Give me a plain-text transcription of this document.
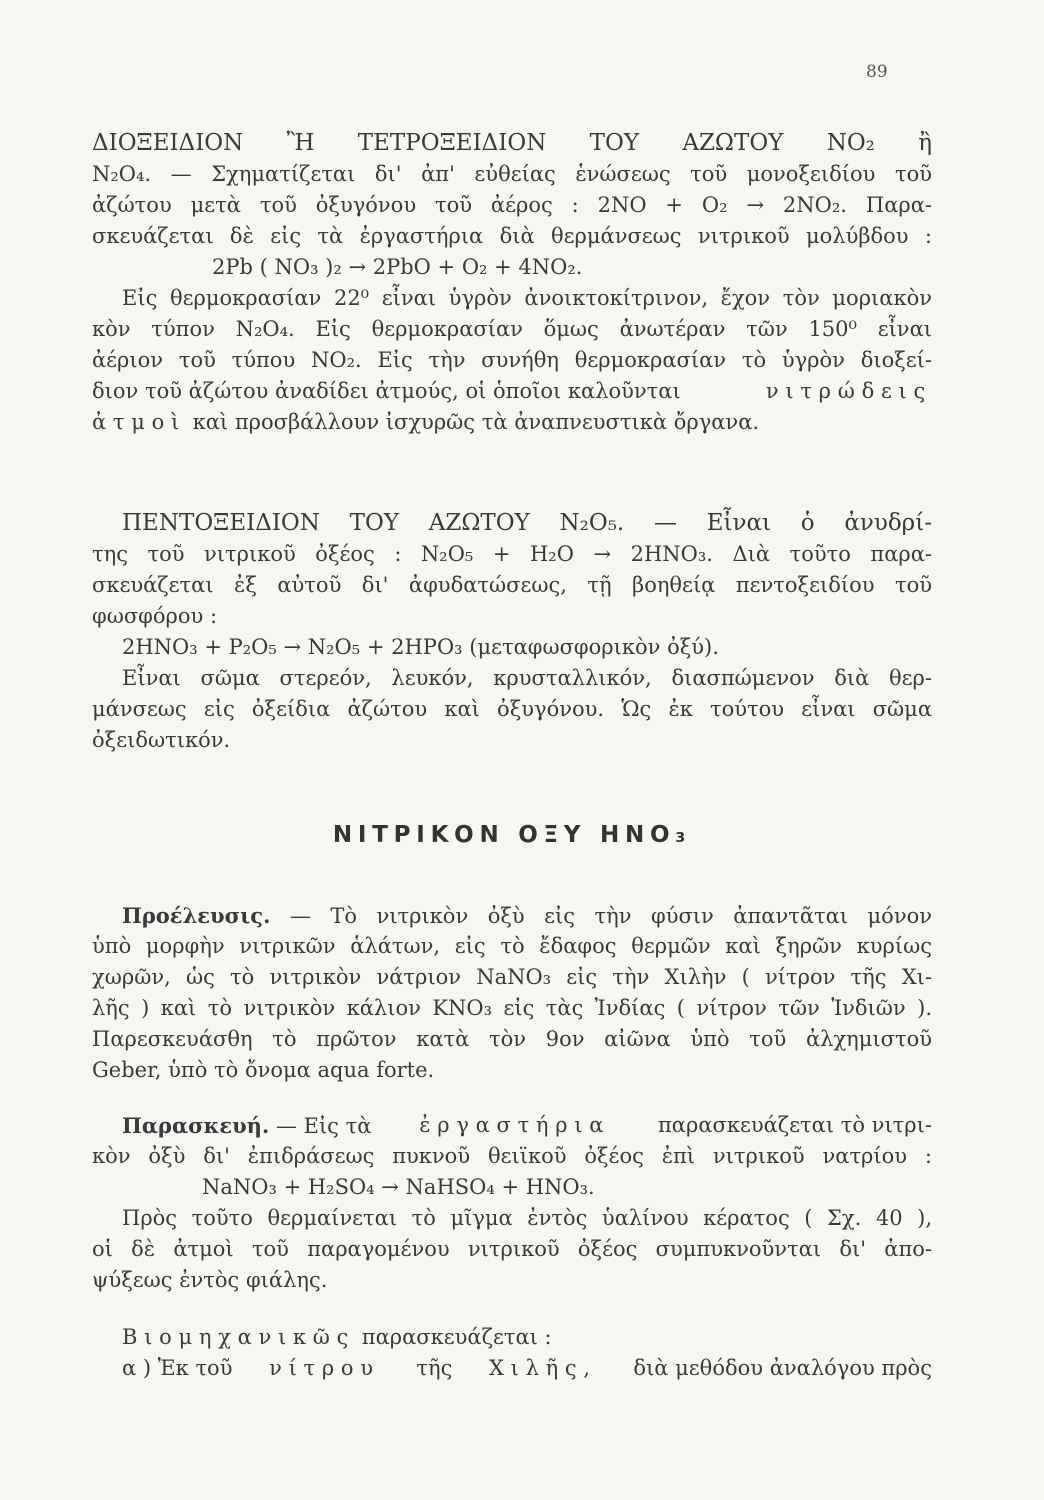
89
ΔΙΟΞΕΙΔΙΟΝ Ἢ ΤΕΤΡΟΞΕΙΔΙΟΝ ΤΟΥ ΑΖΩΤΟΥ NO₂ ἢ
N₂O₄. — Σχηματίζεται δι' ἀπ' εὐθείας ἑνώσεως τοῦ μονοξειδίου τοῦ
ἀζώτου μετὰ τοῦ ὀξυγόνου τοῦ ἀέρος : 2NO + O₂ → 2NO₂. Παρα-
σκευάζεται δὲ εἰς τὰ ἐργαστήρια διὰ θερμάνσεως νιτρικοῦ μολύβδου :
2Pb ( NO₃ )₂ → 2PbO + O₂ + 4NO₂.
Εἰς θερμοκρασίαν 22⁰ εἶναι ὑγρὸν ἀνοικτοκίτρινον, ἔχον τὸν μοριακὸν
κὸν τύπον N₂O₄. Εἰς θερμοκρασίαν ὅμως ἀνωτέραν τῶν 150⁰ εἶναι
ἀέριον τοῦ τύπου NO₂. Εἰς τὴν συνήθη θερμοκρασίαν τὸ ὑγρὸν διοξεί-
διον τοῦ ἀζώτου ἀναδίδει ἀτμούς, οἱ ὁποῖοι καλοῦνται	νιτρώδεις
ἀτμοὶ καὶ προσβάλλουν ἰσχυρῶς τὰ ἀναπνευστικὰ ὄργανα.
ΠΕΝΤΟΞΕΙΔΙΟΝ ΤΟΥ ΑΖΩΤΟΥ N₂O₅. — Εἶναι ὁ ἀνυδρί-
της τοῦ νιτρικοῦ ὀξέος : N₂O₅ + H₂O → 2HNO₃. Διὰ τοῦτο παρα-
σκευάζεται ἐξ αὐτοῦ δι' ἀφυδατώσεως, τῇ βοηθείᾳ πεντοξειδίου τοῦ
φωσφόρου :
2HNO₃ + P₂O₅ → N₂O₅ + 2HPO₃ (μεταφωσφορικὸν ὀξύ).
Εἶναι σῶμα στερεόν, λευκόν, κρυσταλλικόν, διασπώμενον διὰ θερ-
μάνσεως εἰς ὀξείδια ἀζώτου καὶ ὀξυγόνου. Ὡς ἐκ τούτου εἶναι σῶμα
ὀξειδωτικόν.
ΝΙΤΡΙΚΟΝ ΟΞΥ HNO₃
Προέλευσις. — Τὸ νιτρικὸν ὀξὺ εἰς τὴν φύσιν ἀπαντᾶται μόνον
ὑπὸ μορφὴν νιτρικῶν ἁλάτων, εἰς τὸ ἔδαφος θερμῶν καὶ ξηρῶν κυρίως
χωρῶν, ὡς τὸ νιτρικὸν νάτριον NaNO₃ εἰς τὴν Χιλὴν ( νίτρον τῆς Χι-
λῆς ) καὶ τὸ νιτρικὸν κάλιον KNO₃ εἰς τὰς Ἰνδίας ( νίτρον τῶν Ἰνδιῶν ).
Παρεσκευάσθη τὸ πρῶτον κατὰ τὸν 9ον αἰῶνα ὑπὸ τοῦ ἀλχημιστοῦ
Geber, ὑπὸ τὸ ὄνομα aqua forte.
Παρασκευή. — Εἰς τὰ ἐργαστήρια παρασκευάζεται τὸ νιτρι-
κὸν ὀξὺ δι' ἐπιδράσεως πυκνοῦ θειϊκοῦ ὀξέος ἐπὶ νιτρικοῦ νατρίου :
NaNO₃ + H₂SO₄ → NaHSO₄ + HNO₃.
Πρὸς τοῦτο θερμαίνεται τὸ μῖγμα ἐντὸς ὑαλίνου κέρατος ( Σχ. 40 ),
οἱ δὲ ἀτμοὶ τοῦ παραγομένου νιτρικοῦ ὀξέος συμπυκνοῦνται δι' ἀπο-
ψύξεως ἐντὸς φιάλης.
Βιομηχανικῶς παρασκευάζεται :
α ) Ἐκ τοῦ νίτρου τῆς Χιλῆς, διὰ μεθόδου ἀναλόγου πρὸς
